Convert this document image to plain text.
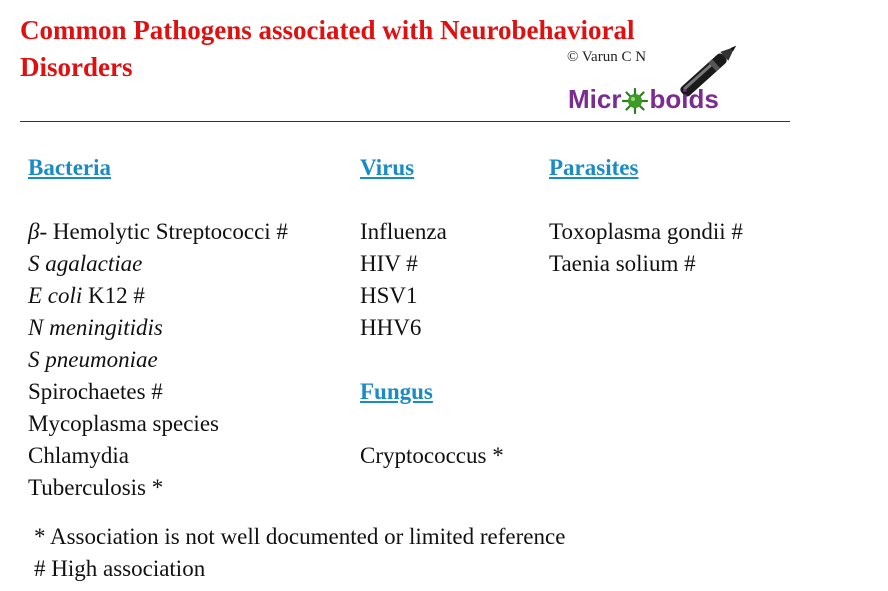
Common Pathogens associated with Neurobehavioral
Disorders	© Varun C N
Micr boids
Bacteria
β- Hemolytic Streptococci #
S agalactiae
E coli K12 #
N meningitidis
S pneumoniae
Spirochaetes #
Mycoplasma species
Chlamydia
Tuberculosis *
Virus
Influenza
HIV #
HSV1
HHV6
Fungus
Cryptococcus *
Parasites
Toxoplasma gondii #
Taenia solium #
* Association is not well documented or limited reference
# High association
